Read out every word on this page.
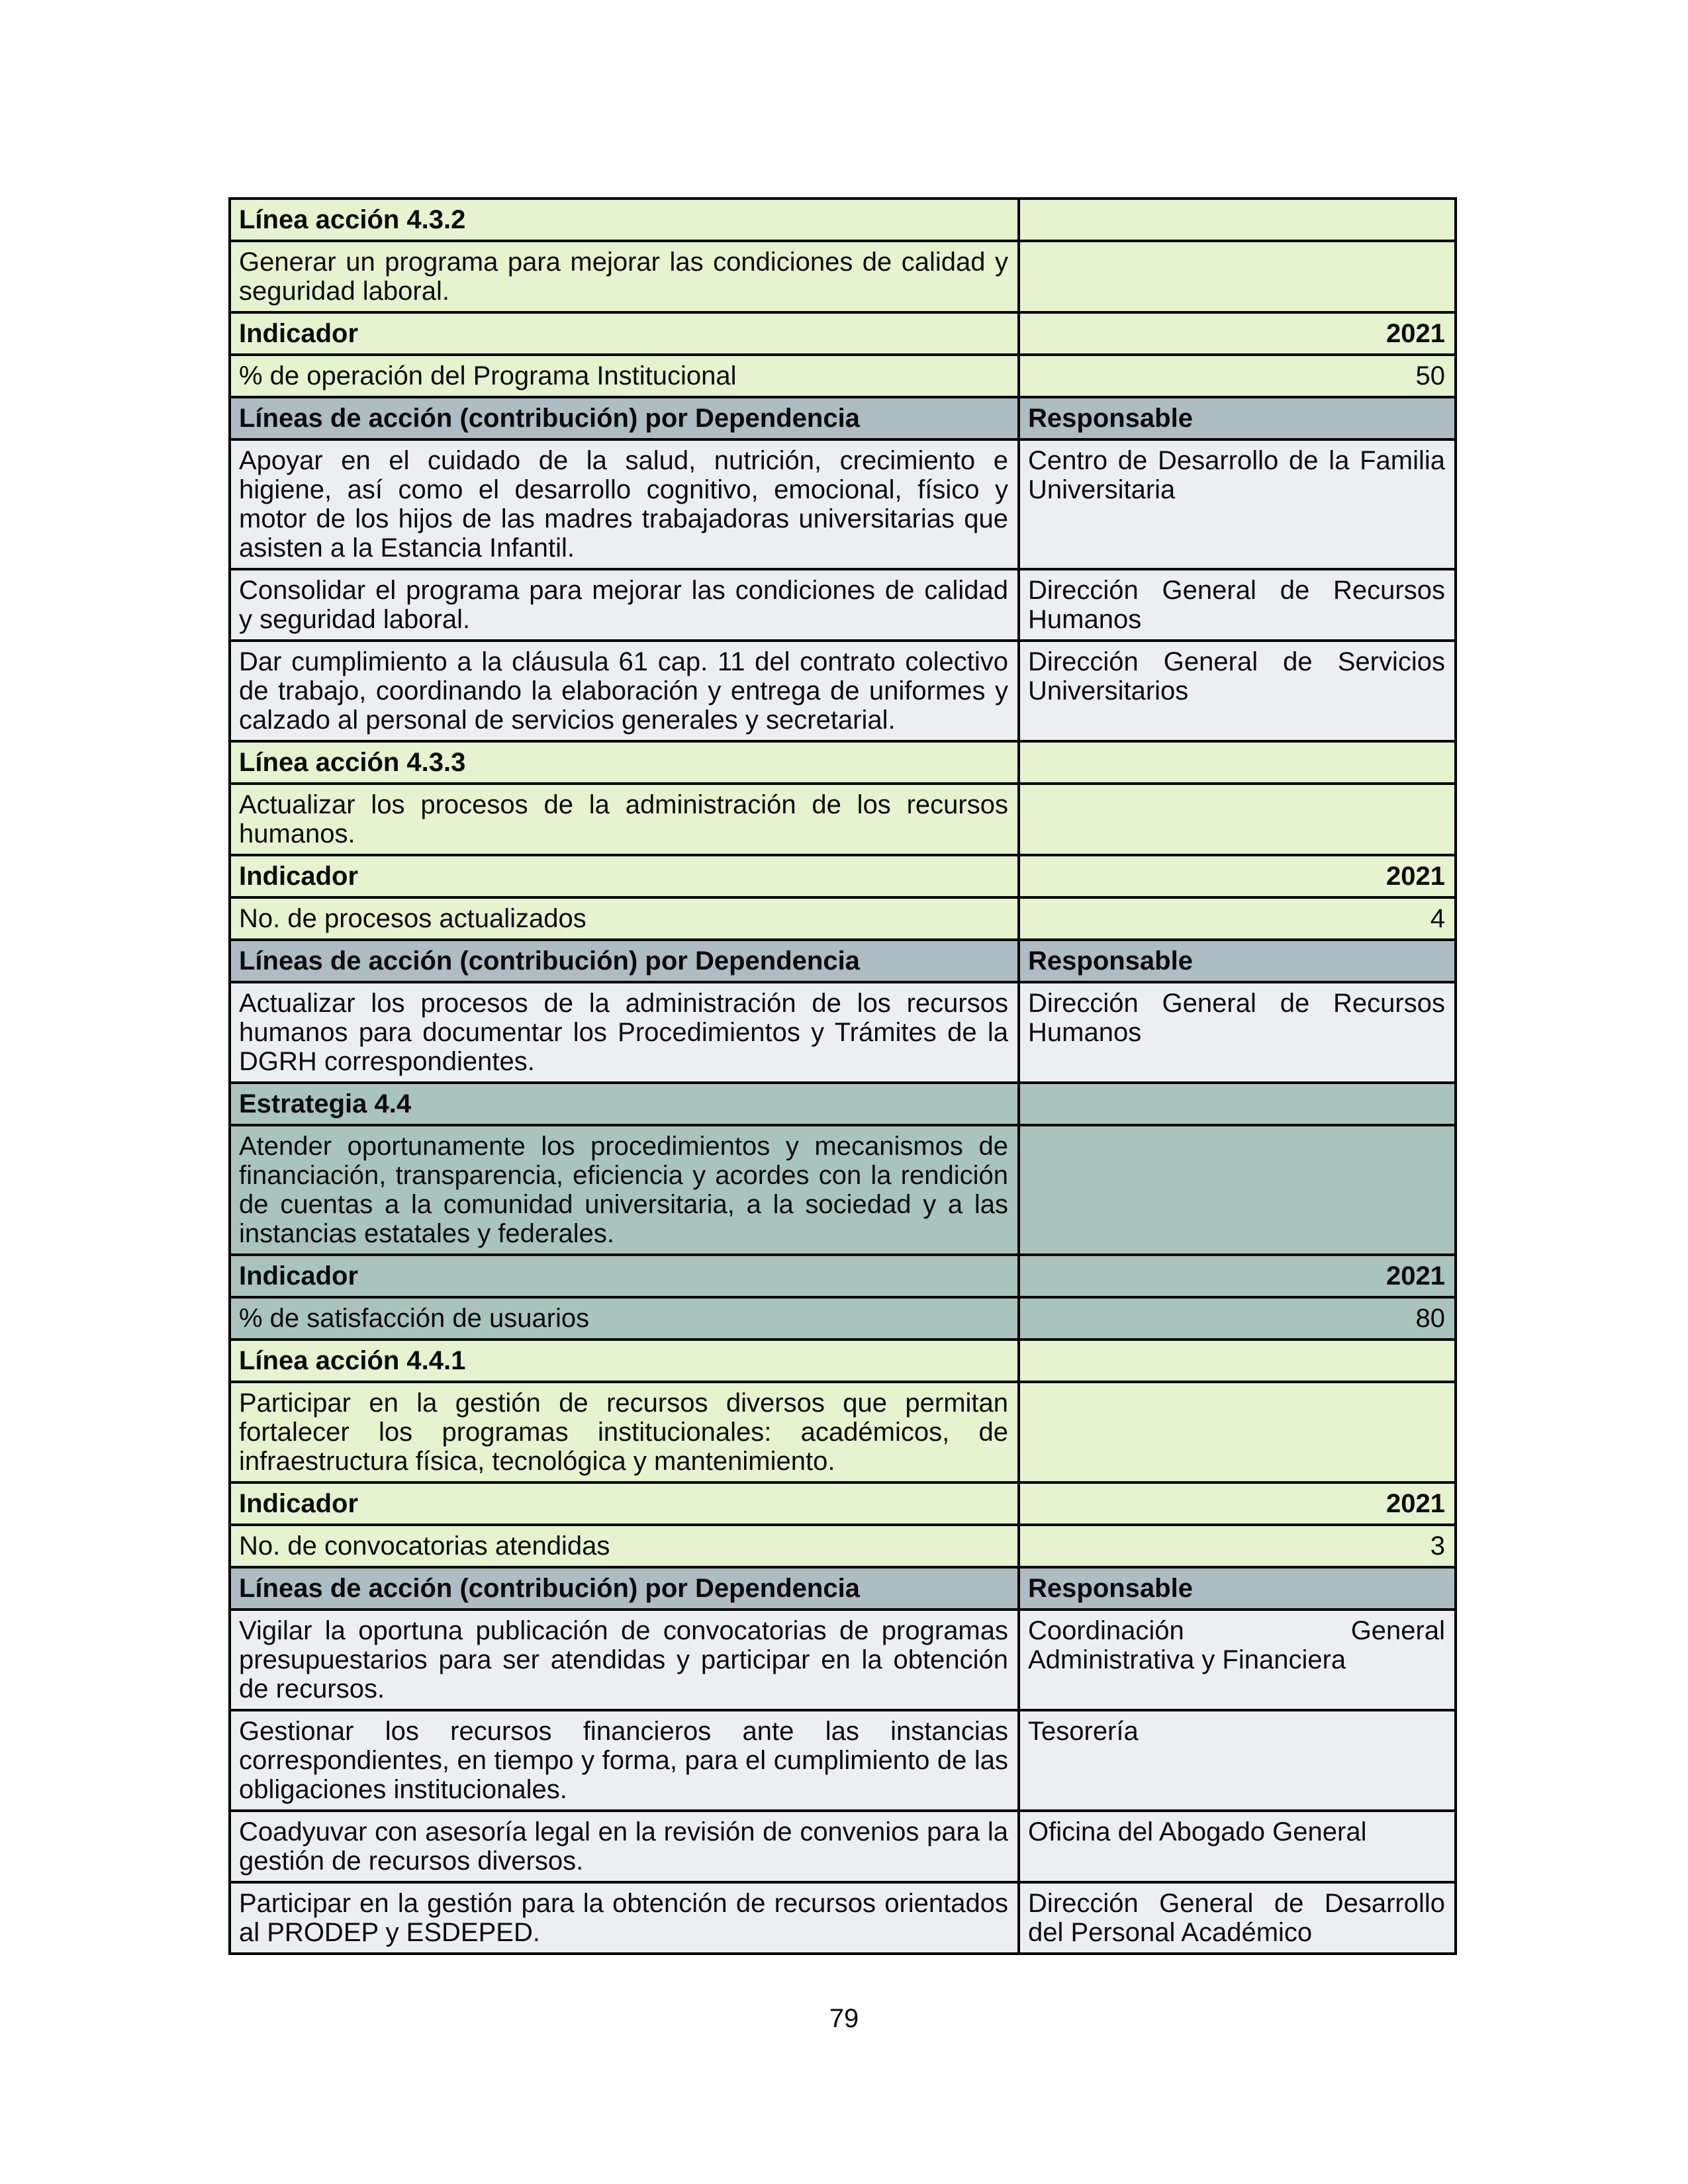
Línea acción 4.3.2	
Generar un programa para mejorar las condiciones de calidad y seguridad laboral.	
Indicador	2021
% de operación del Programa Institucional	50
Líneas de acción (contribución) por Dependencia	Responsable
Apoyar en el cuidado de la salud, nutrición, crecimiento e higiene, así como el desarrollo cognitivo, emocional, físico y motor de los hijos de las madres trabajadoras universitarias que asisten a la Estancia Infantil.	Centro de Desarrollo de la Familia Universitaria
Consolidar el programa para mejorar las condiciones de calidad y seguridad laboral.	Dirección General de Recursos Humanos
Dar cumplimiento a la cláusula 61 cap. 11 del contrato colectivo de trabajo, coordinando la elaboración y entrega de uniformes y calzado al personal de servicios generales y secretarial.	Dirección General de Servicios Universitarios
Línea acción 4.3.3	
Actualizar los procesos de la administración de los recursos humanos.	
Indicador	2021
No. de procesos actualizados	4
Líneas de acción (contribución) por Dependencia	Responsable
Actualizar los procesos de la administración de los recursos humanos para documentar los Procedimientos y Trámites de la DGRH correspondientes.	Dirección General de Recursos Humanos
Estrategia 4.4	
Atender oportunamente los procedimientos y mecanismos de financiación, transparencia, eficiencia y acordes con la rendición de cuentas a la comunidad universitaria, a la sociedad y a las instancias estatales y federales.	
Indicador	2021
% de satisfacción de usuarios	80
Línea acción 4.4.1	
Participar en la gestión de recursos diversos que permitan fortalecer los programas institucionales: académicos, de infraestructura física, tecnológica y mantenimiento.	
Indicador	2021
No. de convocatorias atendidas	3
Líneas de acción (contribución) por Dependencia	Responsable
Vigilar la oportuna publicación de convocatorias de programas presupuestarios para ser atendidas y participar en la obtención de recursos.	Coordinación General Administrativa y Financiera
Gestionar los recursos financieros ante las instancias correspondientes, en tiempo y forma, para el cumplimiento de las obligaciones institucionales.	Tesorería
Coadyuvar con asesoría legal en la revisión de convenios para la gestión de recursos diversos.	Oficina del Abogado General
Participar en la gestión para la obtención de recursos orientados al PRODEP y ESDEPED.	Dirección General de Desarrollo del Personal Académico
79
